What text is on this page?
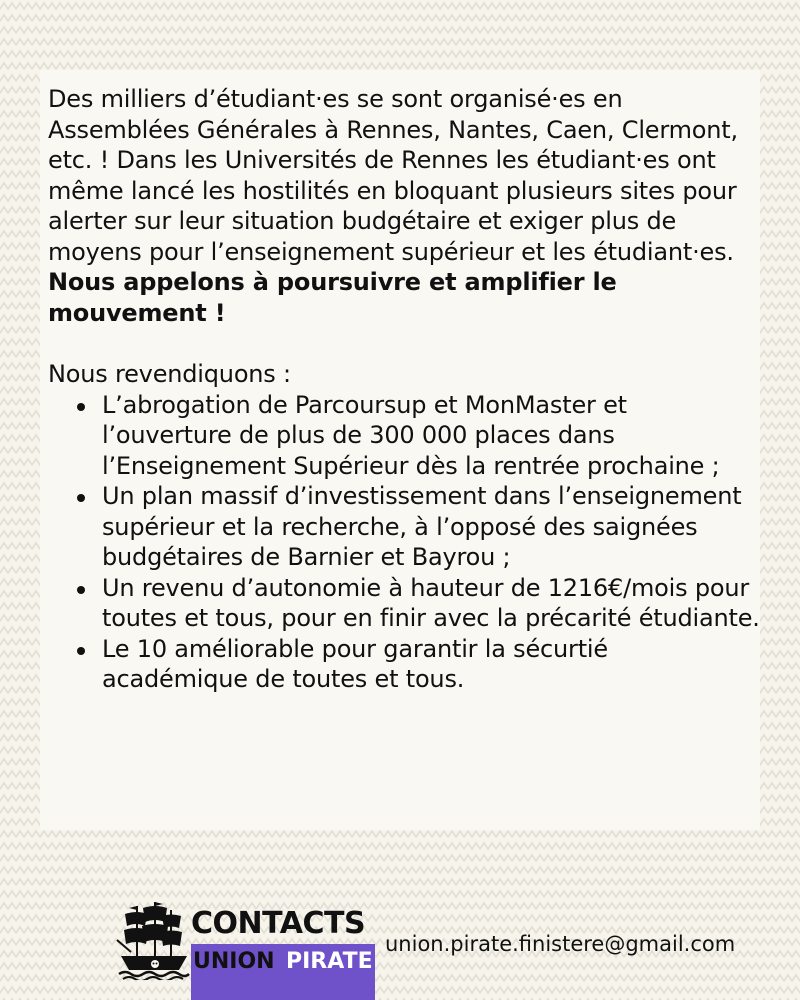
Des milliers d’étudiant·es se sont organisé·es en Assemblées Générales à Rennes, Nantes, Caen, Clermont, etc. ! Dans les Universités de Rennes les étudiant·es ont même lancé les hostilités en bloquant plusieurs sites pour alerter sur leur situation budgétaire et exiger plus de moyens pour l’enseignement supérieur et les étudiant·es.

Nous appelons à poursuivre et amplifier le mouvement !

Nous revendiquons :

L’abrogation de Parcoursup et MonMaster et l’ouverture de plus de 300 000 places dans l’Enseignement Supérieur dès la rentrée prochaine ;
Un plan massif d’investissement dans l’enseignement supérieur et la recherche, à l’opposé des saignées budgétaires de Barnier et Bayrou ;
Un revenu d’autonomie à hauteur de 1216€/mois pour toutes et tous, pour en finir avec la précarité étudiante.
Le 10 améliorable pour garantir la sécurtié académique de toutes et tous.
CONTACTS
UNION PIRATE
union.pirate.finistere@gmail.com
